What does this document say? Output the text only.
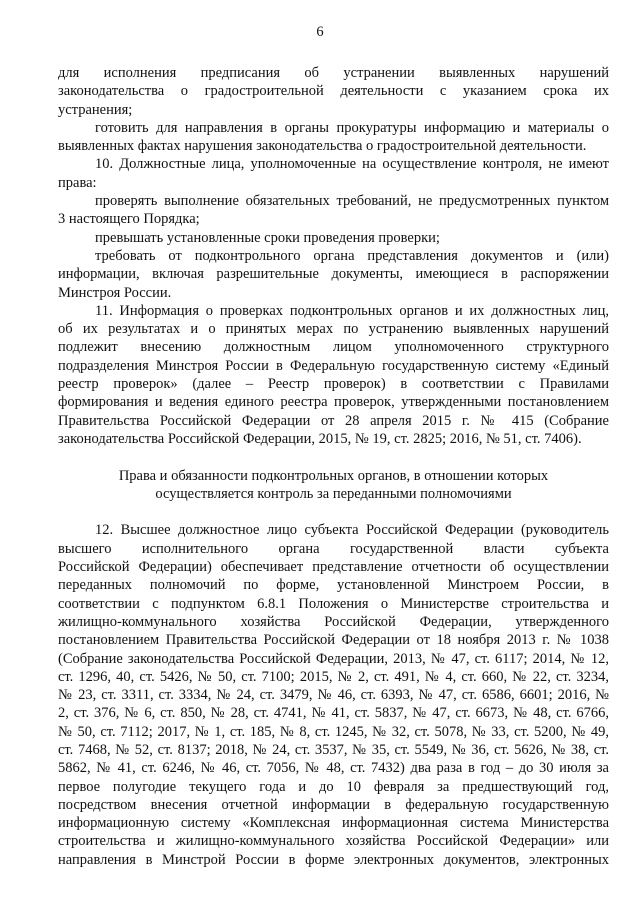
6
для исполнения предписания об устранении выявленных нарушений
законодательства о градостроительной деятельности с указанием срока их
устранения;
готовить для направления в органы прокуратуры информацию и материалы о
выявленных фактах нарушения законодательства о градостроительной деятельности.
10. Должностные лица, уполномоченные на осуществление контроля, не имеют
права:
проверять выполнение обязательных требований, не предусмотренных пунктом
3 настоящего Порядка;
превышать установленные сроки проведения проверки;
требовать от подконтрольного органа представления документов и (или)
информации, включая разрешительные документы, имеющиеся в распоряжении
Минстроя России.
11. Информация о проверках подконтрольных органов и их должностных лиц,
об их результатах и о принятых мерах по устранению выявленных нарушений
подлежит внесению должностным лицом уполномоченного структурного
подразделения Минстроя России в Федеральную государственную систему «Единый
реестр проверок» (далее – Реестр проверок) в соответствии с Правилами
формирования и ведения единого реестра проверок, утвержденными постановлением
Правительства Российской Федерации от 28 апреля 2015 г. № 415 (Собрание
законодательства Российской Федерации, 2015, № 19, ст. 2825; 2016, № 51, ст. 7406).
Права и обязанности подконтрольных органов, в отношении которых
осуществляется контроль за переданными полномочиями
12. Высшее должностное лицо субъекта Российской Федерации (руководитель
высшего исполнительного органа государственной власти субъекта
Российской Федерации) обеспечивает представление отчетности об осуществлении
переданных полномочий по форме, установленной Минстроем России, в
соответствии с подпунктом 6.8.1 Положения о Министерстве строительства и
жилищно-коммунального хозяйства Российской Федерации, утвержденного
постановлением Правительства Российской Федерации от 18 ноября 2013 г. № 1038
(Собрание законодательства Российской Федерации, 2013, № 47, ст. 6117; 2014, № 12,
ст. 1296, 40, ст. 5426, № 50, ст. 7100; 2015, № 2, ст. 491, № 4, ст. 660, № 22, ст. 3234,
№ 23, ст. 3311, ст. 3334, № 24, ст. 3479, № 46, ст. 6393, № 47, ст. 6586, 6601; 2016, №
2, ст. 376, № 6, ст. 850, № 28, ст. 4741, № 41, ст. 5837, № 47, ст. 6673, № 48, ст. 6766,
№ 50, ст. 7112; 2017, № 1, ст. 185, № 8, ст. 1245, № 32, ст. 5078, № 33, ст. 5200, № 49,
ст. 7468, № 52, ст. 8137; 2018, № 24, ст. 3537, № 35, ст. 5549, № 36, ст. 5626, № 38, ст.
5862, № 41, ст. 6246, № 46, ст. 7056, № 48, ст. 7432) два раза в год – до 30 июля за
первое полугодие текущего года и до 10 февраля за предшествующий год,
посредством внесения отчетной информации в федеральную государственную
информационную систему «Комплексная информационная система Министерства
строительства и жилищно-коммунального хозяйства Российской Федерации» или
направления в Минстрой России в форме электронных документов, электронных
